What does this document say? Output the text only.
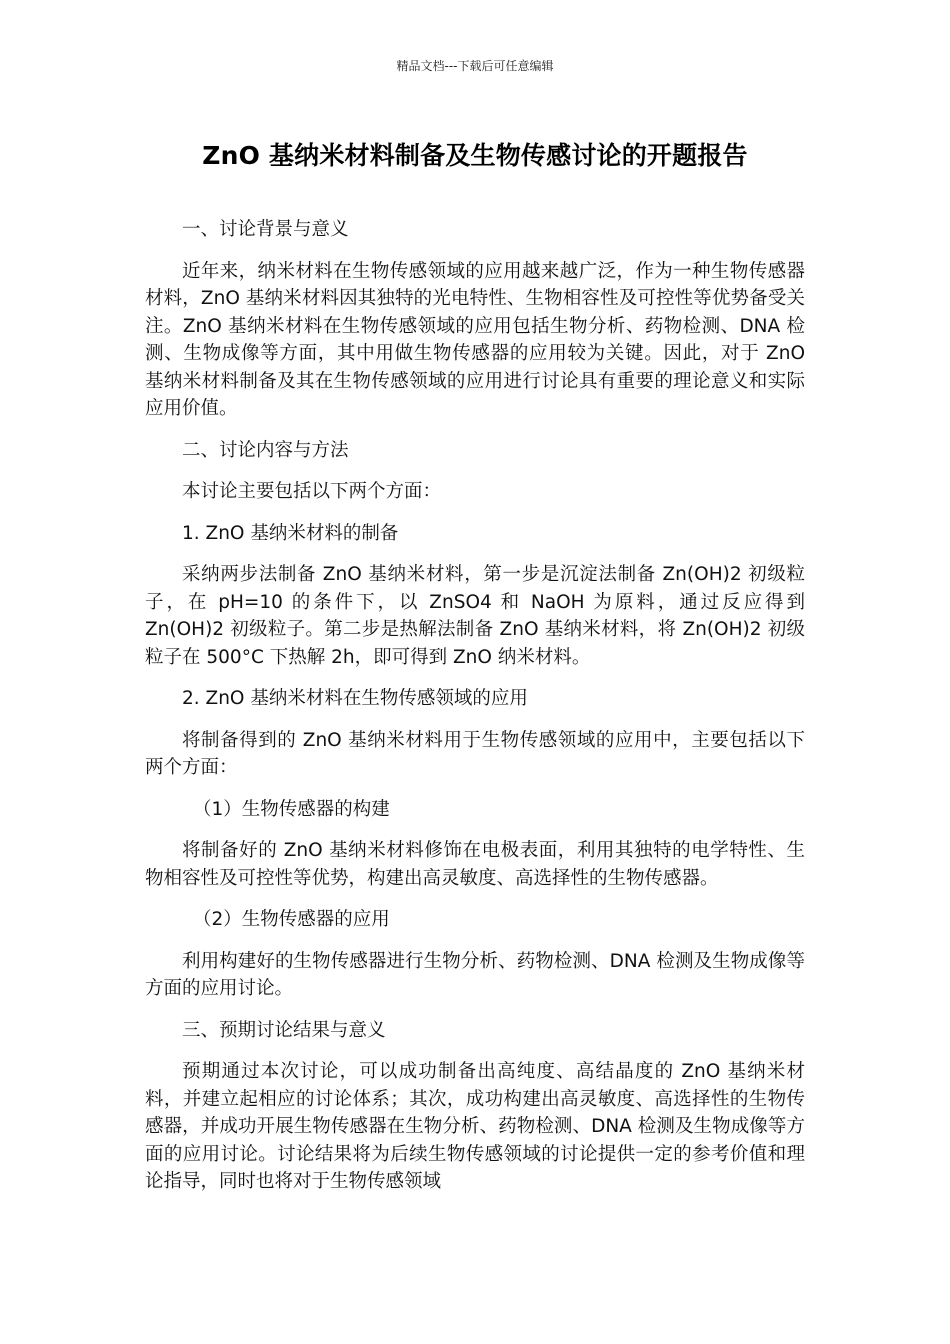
精品文档---下载后可任意编辑
ZnO 基纳米材料制备及生物传感讨论的开题报告
一、讨论背景与意义
近年来，纳米材料在生物传感领域的应用越来越广泛，作为一种生物传感器材料，ZnO 基纳米材料因其独特的光电特性、生物相容性及可控性等优势备受关注。ZnO 基纳米材料在生物传感领域的应用包括生物分析、药物检测、DNA 检测、生物成像等方面，其中用做生物传感器的应用较为关键。因此，对于 ZnO 基纳米材料制备及其在生物传感领域的应用进行讨论具有重要的理论意义和实际应用价值。
二、讨论内容与方法
本讨论主要包括以下两个方面：
1. ZnO 基纳米材料的制备
采纳两步法制备 ZnO 基纳米材料，第一步是沉淀法制备 Zn(OH)2 初级粒子，在 pH=10 的条件下，以 ZnSO4 和 NaOH 为原料，通过反应得到 Zn(OH)2 初级粒子。第二步是热解法制备 ZnO 基纳米材料，将 Zn(OH)2 初级粒子在 500°C 下热解 2h，即可得到 ZnO 纳米材料。
2. ZnO 基纳米材料在生物传感领域的应用
将制备得到的 ZnO 基纳米材料用于生物传感领域的应用中，主要包括以下两个方面：
（1）生物传感器的构建
将制备好的 ZnO 基纳米材料修饰在电极表面，利用其独特的电学特性、生物相容性及可控性等优势，构建出高灵敏度、高选择性的生物传感器。
（2）生物传感器的应用
利用构建好的生物传感器进行生物分析、药物检测、DNA 检测及生物成像等方面的应用讨论。
三、预期讨论结果与意义
预期通过本次讨论，可以成功制备出高纯度、高结晶度的 ZnO 基纳米材料，并建立起相应的讨论体系；其次，成功构建出高灵敏度、高选择性的生物传感器，并成功开展生物传感器在生物分析、药物检测、DNA 检测及生物成像等方面的应用讨论。讨论结果将为后续生物传感领域的讨论提供一定的参考价值和理论指导，同时也将对于生物传感领域
